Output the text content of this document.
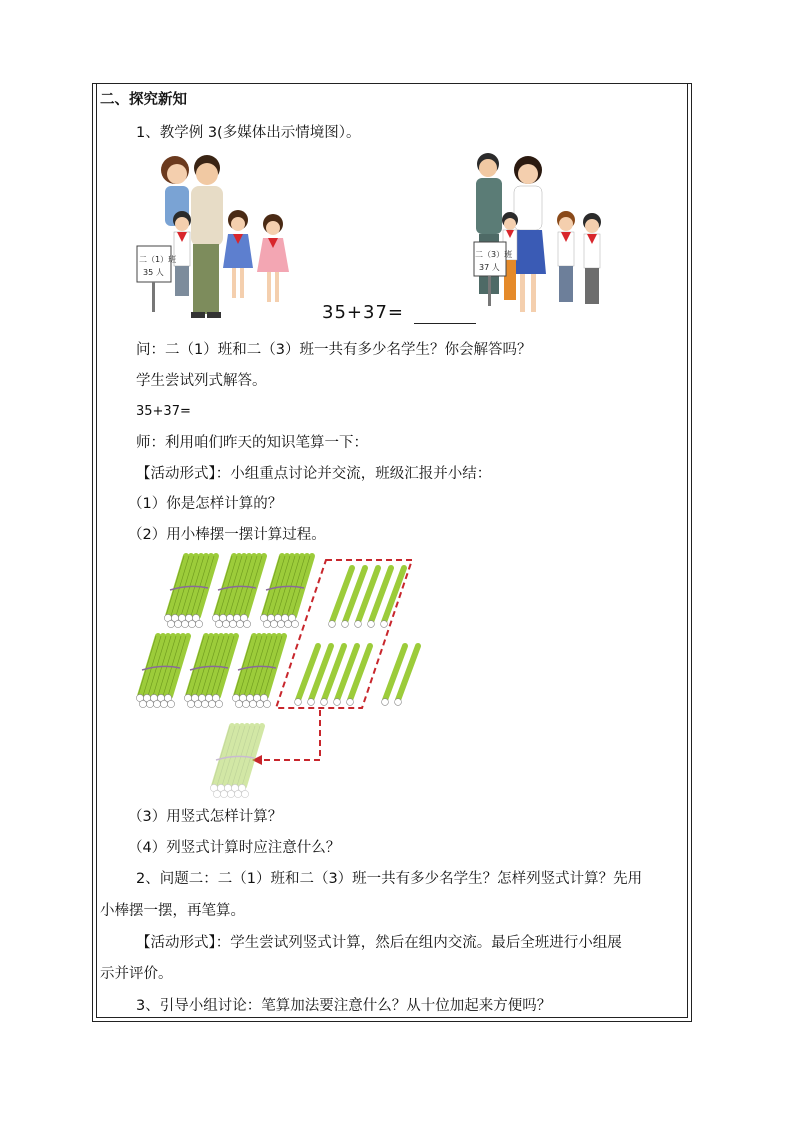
二、探究新知
1、教学例 3(多媒体出示情境图）。
二（1）班
35 人
二（3）班
37 人
35+37=
问：二（1）班和二（3）班一共有多少名学生？你会解答吗？
学生尝试列式解答。
35+37=
师：利用咱们昨天的知识笔算一下：
【活动形式】：小组重点讨论并交流，班级汇报并小结：
（1）你是怎样计算的？
（2）用小棒摆一摆计算过程。
（3）用竖式怎样计算？
（4）列竖式计算时应注意什么？
2、问题二：二（1）班和二（3）班一共有多少名学生？怎样列竖式计算？先用
小棒摆一摆，再笔算。
【活动形式】：学生尝试列竖式计算，然后在组内交流。最后全班进行小组展
示并评价。
3、引导小组讨论：笔算加法要注意什么？从十位加起来方便吗？
